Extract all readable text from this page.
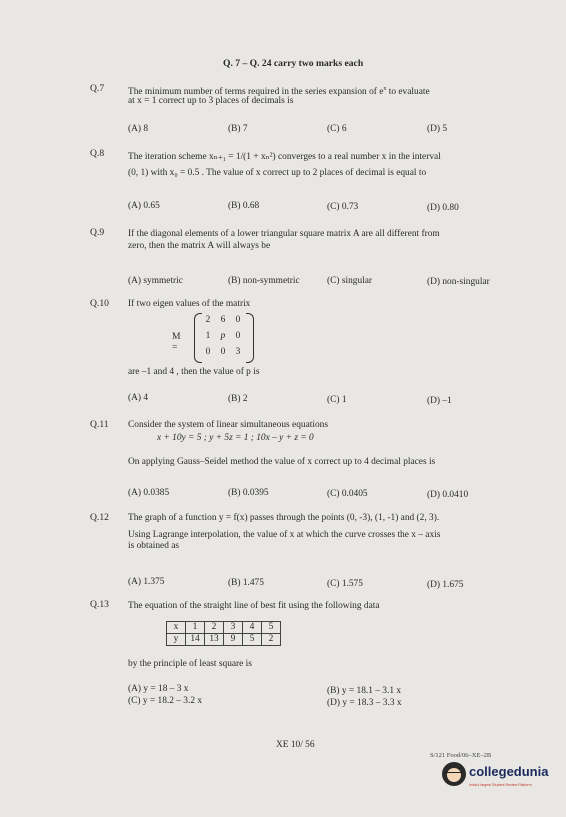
Q. 7 – Q. 24 carry two marks each
Q.7	The minimum number of terms required in the series expansion of $e^x$ to evaluate
at x = 1 correct up to 3 places of decimals is
(A) 8	(B) 7	(C) 6	(D) 5
Q.8	The iteration scheme xₙ₊₁ = 1/(1 + xₙ²) converges to a real number x in the interval
(0, 1) with x₀ = 0.5 . The value of x correct up to 2 places of decimal is equal to
(A) 0.65	(B) 0.68	(C) 0.73	(D) 0.80
Q.9	If the diagonal elements of a lower triangular square matrix A are all different from
zero, then the matrix A will always be
(A) symmetric	(B) non-symmetric	(C) singular	(D) non-singular
Q.10 If two eigen values of the matrix
M =
2	6	0
1	p	0
0	0	3
are –1 and 4 , then the value of p is
(A) 4	(B) 2	(C) 1	(D) –1
Q.11 Consider the system of linear simultaneous equations
x + 10y = 5 ; y + 5z = 1 ; 10x – y + z = 0
On applying Gauss–Seidel method the value of x correct up to 4 decimal places is
(A) 0.0385	(B) 0.0395	(C) 0.0405	(D) 0.0410
Q.12 The graph of a function y = f(x) passes through the points (0, -3), (1, -1) and (2, 3).
Using Lagrange interpolation, the value of x at which the curve crosses the x – axis
is obtained as
(A) 1.375	(B) 1.475	(C) 1.575	(D) 1.675
Q.13 The equation of the straight line of best fit using the following data
x	1	2	3	4	5
y	14	13	9	5	2
by the principle of least square is
(A) y = 18 – 3 x	(B) y = 18.1 – 3.1 x
(C) y = 18.2 – 3.2 x	(D) y = 18.3 – 3.3 x
XE 10/ 56
S/121 Food/06–XE–2B
collegedunia
India's largest Student Review Platform
